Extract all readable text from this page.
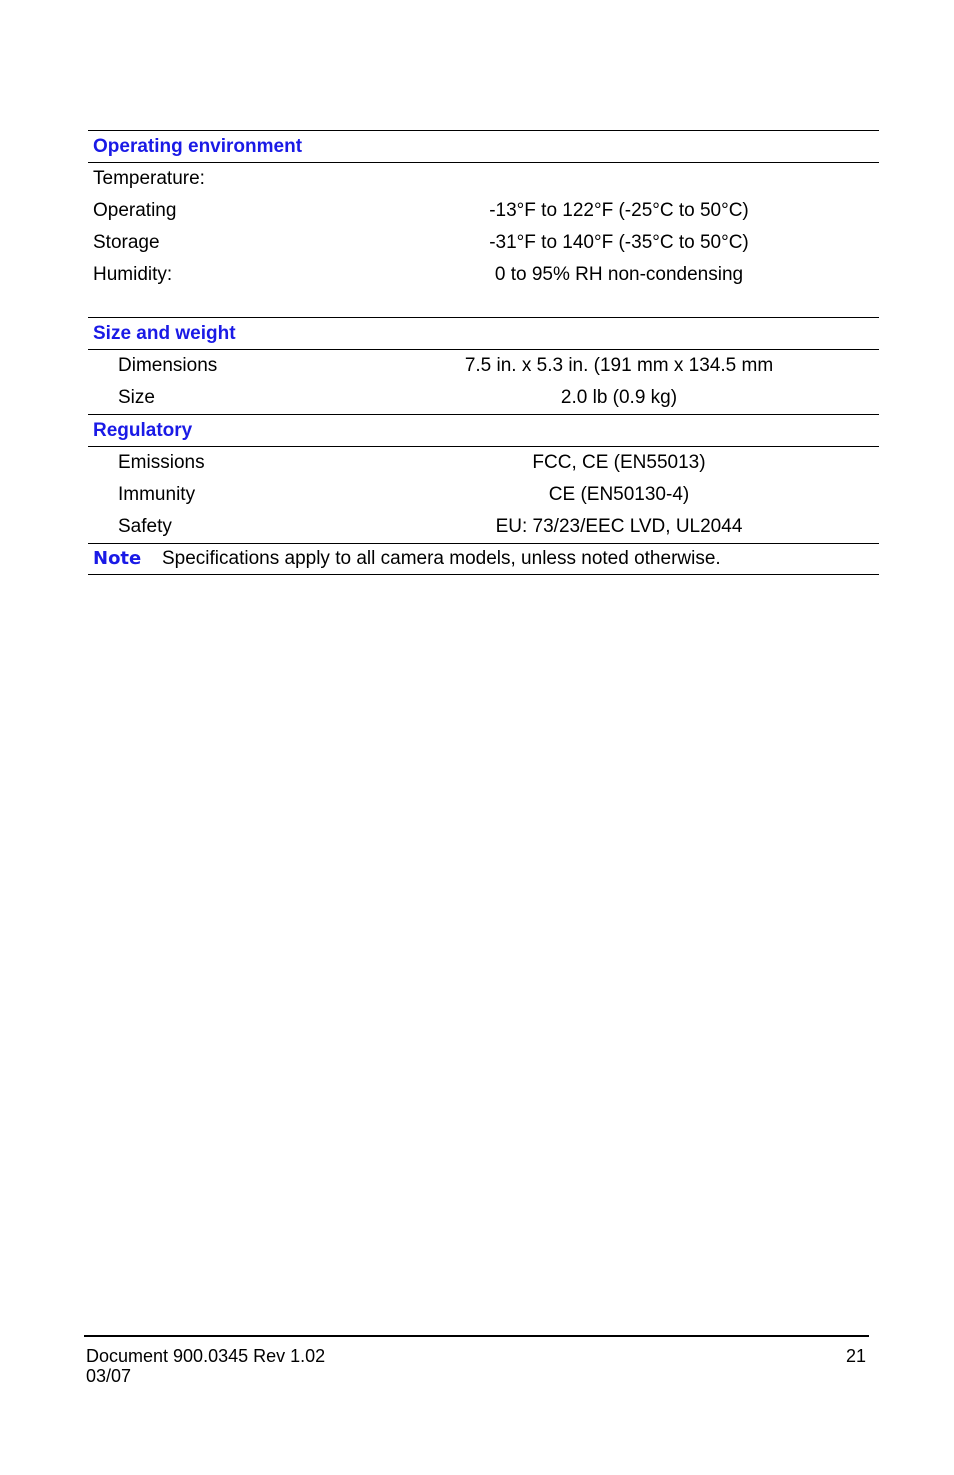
Operating environment
Temperature:
Operating	-13°F to 122°F (-25°C to 50°C)
Storage	-31°F to 140°F (-35°C to 50°C)
Humidity:	0 to 95% RH non-condensing
Size and weight
Dimensions	7.5 in. x 5.3 in. (191 mm x 134.5 mm
Size	2.0 lb (0.9 kg)
Regulatory
Emissions	FCC, CE (EN55013)
Immunity	CE (EN50130-4)
Safety	EU: 73/23/EEC LVD, UL2044
Note Specifications apply to all camera models, unless noted otherwise.
Document 900.0345 Rev 1.02
03/07
21
